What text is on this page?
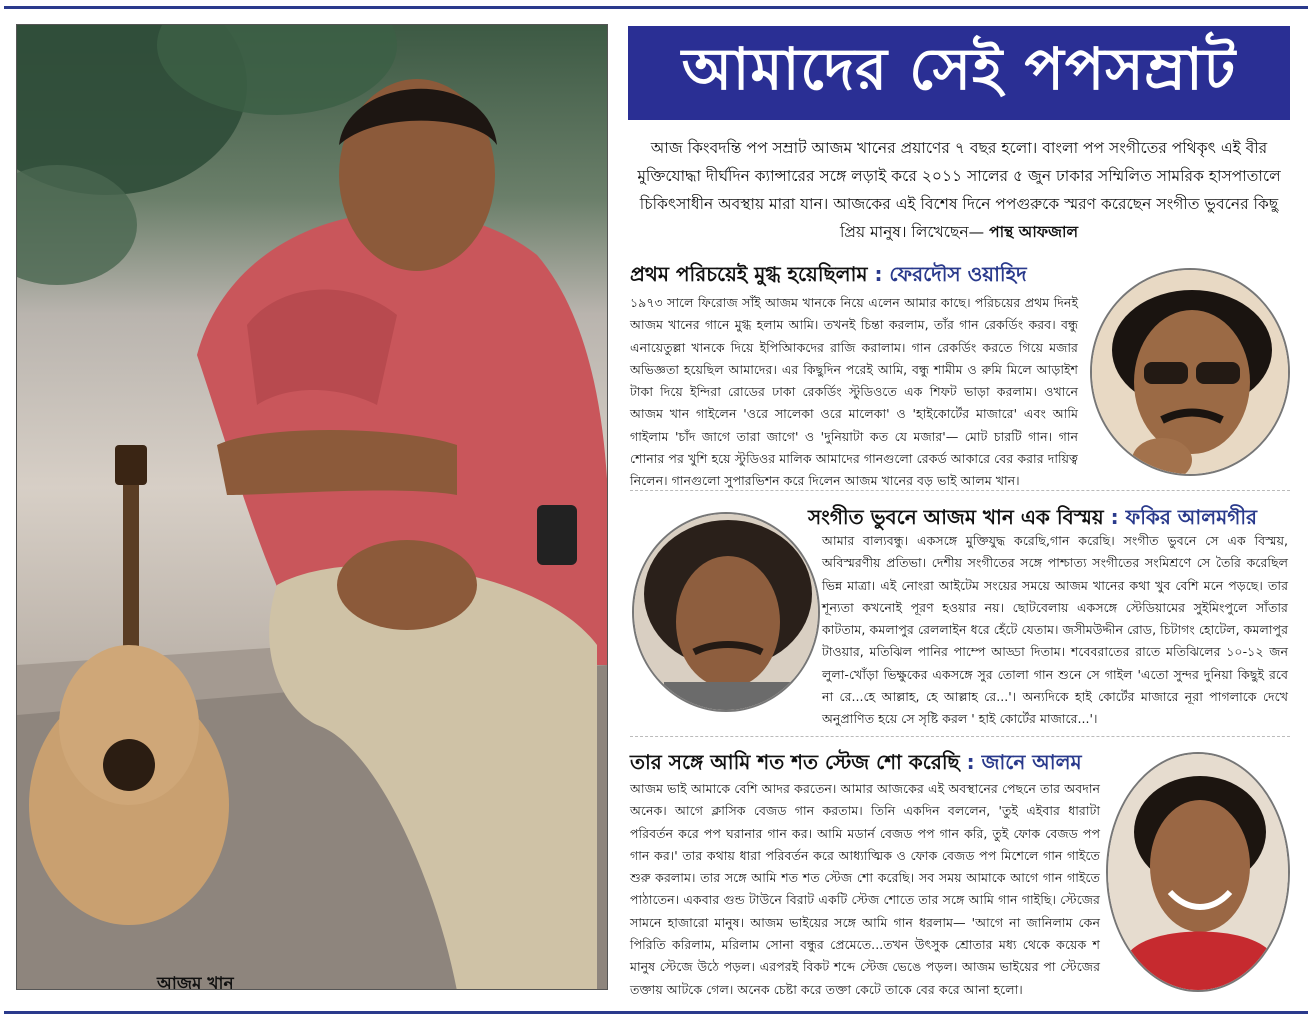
আজম খান
আমাদের সেই পপসম্রাট
আজ কিংবদন্তি পপ সম্রাট আজম খানের প্রয়াণের ৭ বছর হলো। বাংলা পপ সংগীতের পথিকৃৎ এই বীর মুক্তিযোদ্ধা দীর্ঘদিন ক্যান্সারের সঙ্গে লড়াই করে ২০১১ সালের ৫ জুন ঢাকার সম্মিলিত সামরিক হাসপাতালে চিকিৎসাধীন অবস্থায় মারা যান। আজকের এই বিশেষ দিনে পপগুরুকে স্মরণ করেছেন সংগীত ভুবনের কিছু প্রিয় মানুষ। লিখেছেন— পান্থ আফজাল
প্রথম পরিচয়েই মুগ্ধ হয়েছিলাম : ফেরদৌস ওয়াহিদ
১৯৭৩ সালে ফিরোজ সাঁই আজম খানকে নিয়ে এলেন আমার কাছে। পরিচয়ের প্রথম দিনই আজম খানের গানে মুগ্ধ হলাম আমি। তখনই চিন্তা করলাম, তাঁর গান রেকর্ডিং করব। বন্ধু এনায়েতুল্লা খানকে দিয়ে ইপিআিকদের রাজি করালাম। গান রেকর্ডিং করতে গিয়ে মজার অভিজ্ঞতা হয়েছিল আমাদের। এর কিছুদিন পরেই আমি, বন্ধু শামীম ও রুমি মিলে আড়াইশ টাকা দিয়ে ইন্দিরা রোডের ঢাকা রেকর্ডিং স্টুডিওতে এক শিফট ভাড়া করলাম। ওখানে আজম খান গাইলেন 'ওরে সালেকা ওরে মালেকা' ও 'হাইকোর্টের মাজারে' এবং আমি গাইলাম 'চাঁদ জাগে তারা জাগে' ও 'দুনিয়াটা কত যে মজার'— মোট চারটি গান। গান শোনার পর খুশি হয়ে স্টুডিওর মালিক আমাদের গানগুলো রেকর্ড আকারে বের করার দায়িত্ব নিলেন। গানগুলো সুপারভিশন করে দিলেন আজম খানের বড় ভাই আলম খান।
সংগীত ভুবনে আজম খান এক বিস্ময় : ফকির আলমগীর
আমার বাল্যবন্ধু। একসঙ্গে মুক্তিযুদ্ধ করেছি,গান করেছি। সংগীত ভুবনে সে এক বিস্ময়, অবিস্মরণীয় প্রতিভা। দেশীয় সংগীতের সঙ্গে পাশ্চাত্য সংগীতের সংমিশ্রণে সে তৈরি করেছিল ভিন্ন মাত্রা। এই নোংরা আইটেম সংয়ের সময়ে আজম খানের কথা খুব বেশি মনে পড়ছে। তার শূন্যতা কখনোই পূরণ হওয়ার নয়। ছোটবেলায় একসঙ্গে স্টেডিয়ামের সুইমিংপুলে সাঁতার কাটতাম, কমলাপুর রেললাইন ধরে হেঁটে যেতাম। জসীমউদ্দীন রোড, চিটাগং হোটেল, কমলাপুর টাওয়ার, মতিঝিল পানির পাম্পে আড্ডা দিতাম। শবেবরাতের রাতে মতিঝিলের ১০-১২ জন লুলা-খোঁড়া ভিক্ষুকের একসঙ্গে সুর তোলা গান শুনে সে গাইল 'এতো সুন্দর দুনিয়া কিছুই রবে না রে...হে আল্লাহ, হে আল্লাহ রে...'। অন্যদিকে হাই কোর্টের মাজারে নূরা পাগলাকে দেখে অনুপ্রাণিত হয়ে সে সৃষ্টি করল ' হাই কোর্টের মাজারে...'।
তার সঙ্গে আমি শত শত স্টেজ শো করেছি : জানে আলম
আজম ভাই আমাকে বেশি আদর করতেন। আমার আজকের এই অবস্থানের পেছনে তার অবদান অনেক। আগে ক্লাসিক বেজড গান করতাম। তিনি একদিন বললেন, 'তুই এইবার ধারাটা পরিবর্তন করে পপ ঘরানার গান কর। আমি মডার্ন বেজড পপ গান করি, তুই ফোক বেজড পপ গান কর।' তার কথায় ধারা পরিবর্তন করে আধ্যাত্মিক ও ফোক বেজড পপ মিশেলে গান গাইতে শুরু করলাম। তার সঙ্গে আমি শত শত স্টেজ শো করেছি। সব সময় আমাকে আগে গান গাইতে পাঠাতেন। একবার গুন্ড টাউনে বিরাট একটি স্টেজ শোতে তার সঙ্গে আমি গান গাইছি। স্টেজের সামনে হাজারো মানুষ। আজম ভাইয়ের সঙ্গে আমি গান ধরলাম— 'আগে না জানিলাম কেন পিরিতি করিলাম, মরিলাম সোনা বন্ধুর প্রেমেতে...তখন উৎসুক শ্রোতার মধ্য থেকে কয়েক শ মানুষ স্টেজে উঠে পড়ল। এরপরই বিকট শব্দে স্টেজ ভেঙে পড়ল। আজম ভাইয়ের পা স্টেজের তক্তায় আটকে গেল। অনেক চেষ্টা করে তক্তা কেটে তাকে বের করে আনা হলো।
